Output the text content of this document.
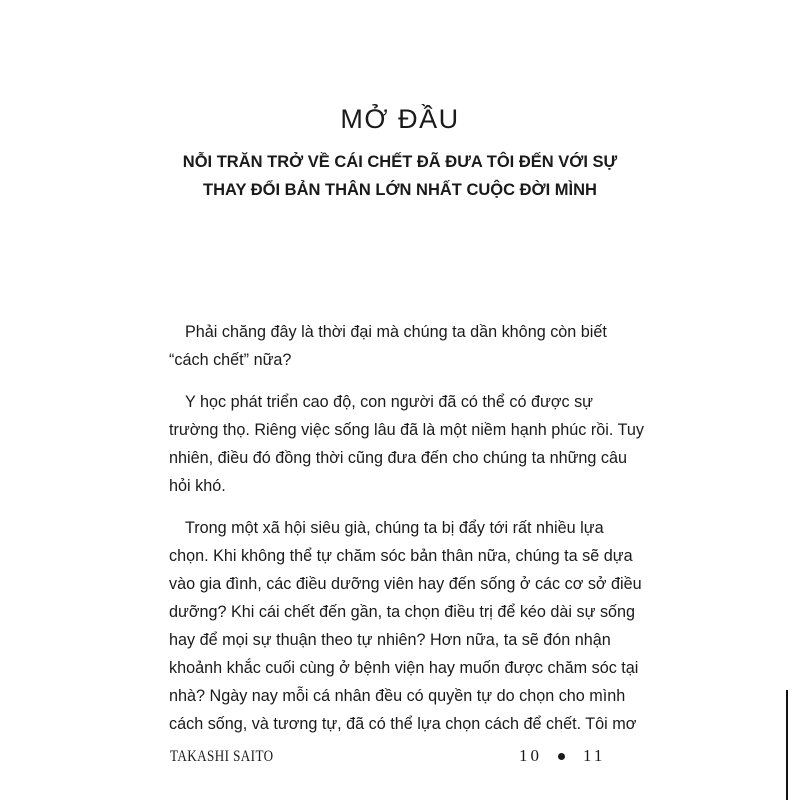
MỞ ĐẦU
NỖI TRĂN TRỞ VỀ CÁI CHẾT ĐÃ ĐƯA TÔI ĐẾN VỚI SỰ
THAY ĐỔI BẢN THÂN LỚN NHẤT CUỘC ĐỜI MÌNH
Phải chăng đây là thời đại mà chúng ta dần không còn biết
“cách chết” nữa?
Y học phát triển cao độ, con người đã có thể có được sự
trường thọ. Riêng việc sống lâu đã là một niềm hạnh phúc rồi. Tuy
nhiên, điều đó đồng thời cũng đưa đến cho chúng ta những câu
hỏi khó.
Trong một xã hội siêu già, chúng ta bị đẩy tới rất nhiều lựa
chọn. Khi không thể tự chăm sóc bản thân nữa, chúng ta sẽ dựa
vào gia đình, các điều dưỡng viên hay đến sống ở các cơ sở điều
dưỡng? Khi cái chết đến gần, ta chọn điều trị để kéo dài sự sống
hay để mọi sự thuận theo tự nhiên? Hơn nữa, ta sẽ đón nhận
khoảnh khắc cuối cùng ở bệnh viện hay muốn được chăm sóc tại
nhà? Ngày nay mỗi cá nhân đều có quyền tự do chọn cho mình
cách sống, và tương tự, đã có thể lựa chọn cách để chết. Tôi mơ
TAKASHI SAITO	10 11
